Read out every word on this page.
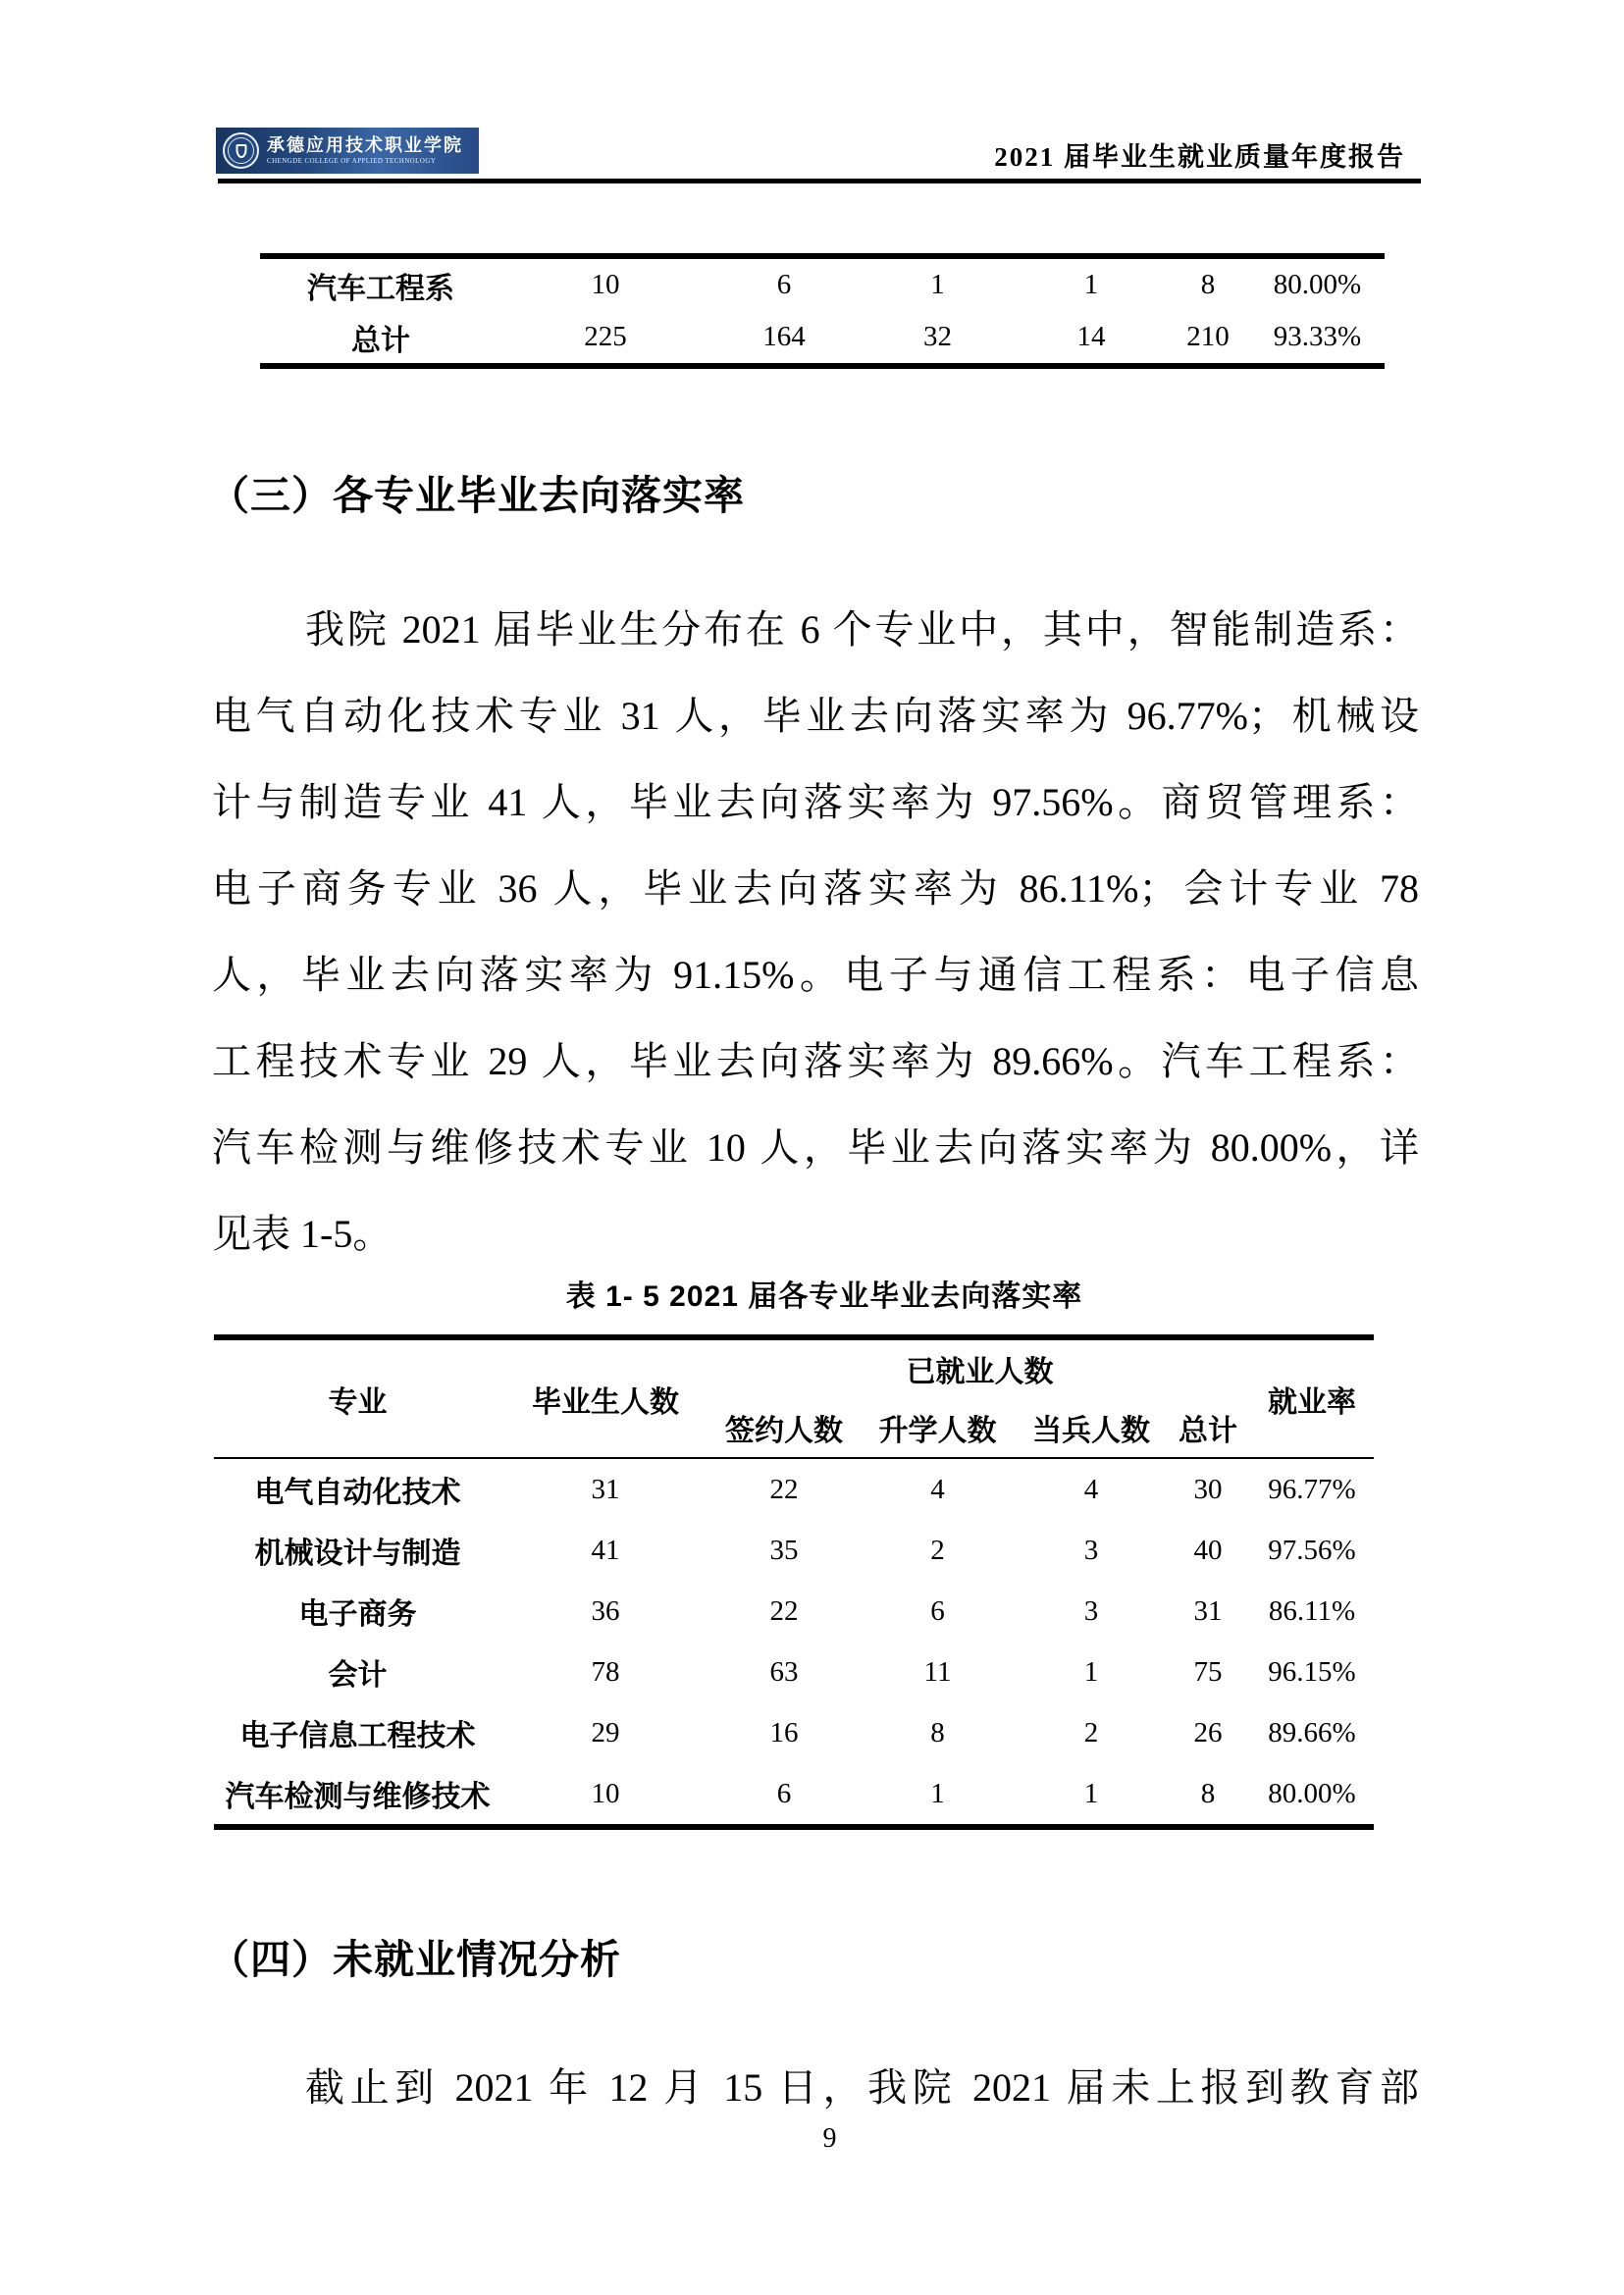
承德应用技术职业学院
CHENGDE COLLEGE OF APPLIED TECHNOLOGY	2021 届毕业生就业质量年度报告
汽车工程系	10	6	1	1	8	80.00%
总计	225	164	32	14	210	93.33%
（三）各专业毕业去向落实率
我院 2021 届毕业生分布在 6 个专业中，其中，智能制造系：
电气自动化技术专业 31 人，毕业去向落实率为 96.77%；机械设
计与制造专业 41 人，毕业去向落实率为 97.56%。商贸管理系：
电子商务专业 36 人，毕业去向落实率为 86.11%；会计专业 78
人，毕业去向落实率为 91.15%。电子与通信工程系：电子信息
工程技术专业 29 人，毕业去向落实率为 89.66%。汽车工程系：
汽车检测与维修技术专业 10 人，毕业去向落实率为 80.00%，详
见表 1-5。
表 1- 5 2021 届各专业毕业去向落实率
专业	毕业生人数	已就业人数				就业率
		签约人数	升学人数	当兵人数	总计	
电气自动化技术	31	22	4	4	30	96.77%
机械设计与制造	41	35	2	3	40	97.56%
电子商务	36	22	6	3	31	86.11%
会计	78	63	11	1	75	96.15%
电子信息工程技术	29	16	8	2	26	89.66%
汽车检测与维修技术	10	6	1	1	8	80.00%
（四）未就业情况分析
截止到 2021 年 12 月 15 日，我院 2021 届未上报到教育部
9
